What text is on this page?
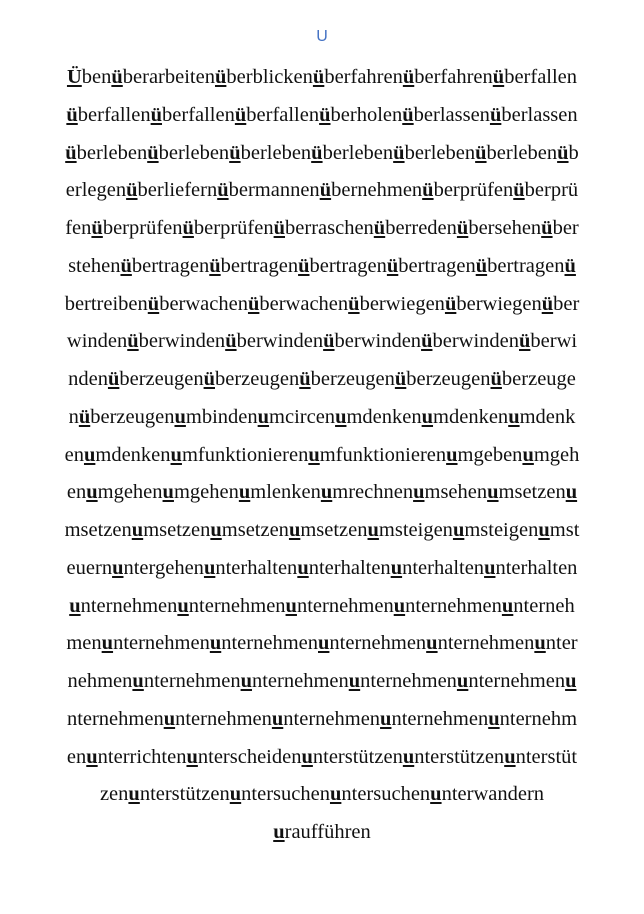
U
Übenüberarbeitenüberblickenüberfahrenüberfahrenüberfallen
überfallenüberfallenüberfallenüberholenüberlassenüberlassen
überlebenüberlebenüberlebenüberlebenüberlebenüberlebenüb
erlegenüberliefernübermannenübernehmenüberprüfenüberprü
fenüberprüfenüberprüfenüberraschenüberredenübersehenüber
stehenübertragenübertragenübertragenübertragenübertragenü
bertreibenüberwachenüberwachenüberwiegenüberwiegenüber
windenüberwindenüberwindenüberwindenüberwindenüberwi
ndenüberzeugenüberzeugenüberzeugenüberzeugenüberzeuge
nüberzeugenumbindenumcircenumdenkenumdenkenumdenk
enumdenkenumfunktionierenumfunktionierenumgebenumgeh
enumgehenumgehenumlenkenumrechnenumsehenumsetzenu
msetzenumsetzenumsetzenumsetzenumsteigenumsteigenumst
euernuntergehenunterhaltenunterhaltenunterhaltenunterhalten
unternehmenunternehmenunternehmenunternehmenunterneh
menunternehmenunternehmenunternehmenunternehmenunter
nehmenunternehmenunternehmenunternehmenunternehmenu
nternehmenunternehmenunternehmenunternehmenunternehm
enunterrichtenunterscheidenunterstützenunterstützenunterstüt
zenunterstützenuntersuchenuntersuchenunterwandern
uraufführen
